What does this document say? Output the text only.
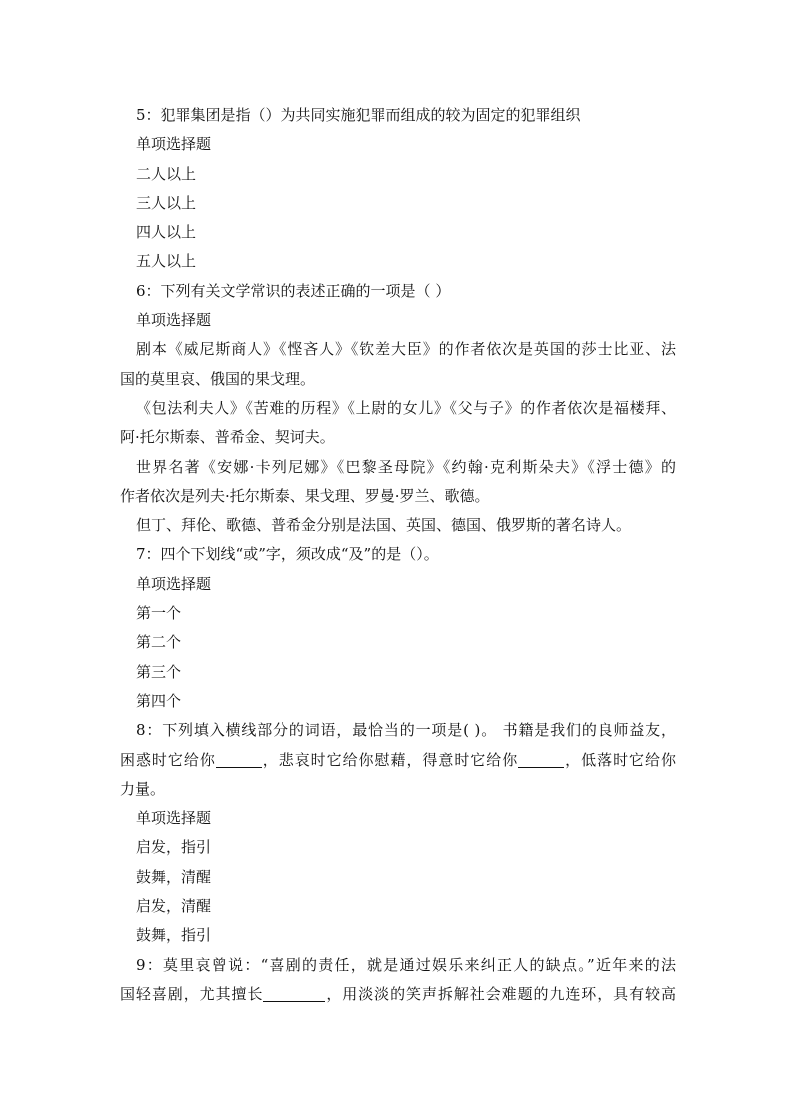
5：犯罪集团是指（）为共同实施犯罪而组成的较为固定的犯罪组织
单项选择题
二人以上
三人以上
四人以上
五人以上
6：下列有关文学常识的表述正确的一项是（ ）
单项选择题
剧本《威尼斯商人》《悭吝人》《钦差大臣》的作者依次是英国的莎士比亚、法
国的莫里哀、俄国的果戈理。
《包法利夫人》《苦难的历程》《上尉的女儿》《父与子》的作者依次是福楼拜、
阿·托尔斯泰、普希金、契诃夫。
世界名著《安娜·卡列尼娜》《巴黎圣母院》《约翰·克利斯朵夫》《浮士德》的
作者依次是列夫·托尔斯泰、果戈理、罗曼·罗兰、歌德。
但丁、拜伦、歌德、普希金分别是法国、英国、德国、俄罗斯的著名诗人。
7：四个下划线“或”字，须改成“及”的是（）。
单项选择题
第一个
第二个
第三个
第四个
8：下列填入横线部分的词语，最恰当的一项是( )。 书籍是我们的良师益友，
困惑时它给你	，悲哀时它给你慰藉，得意时它给你	，低落时它给你
力量。
单项选择题
启发，指引
鼓舞，清醒
启发，清醒
鼓舞，指引
9：莫里哀曾说：“喜剧的责任，就是通过娱乐来纠正人的缺点。”近年来的法
国轻喜剧，尤其擅长	，用淡淡的笑声拆解社会难题的九连环，具有较高
